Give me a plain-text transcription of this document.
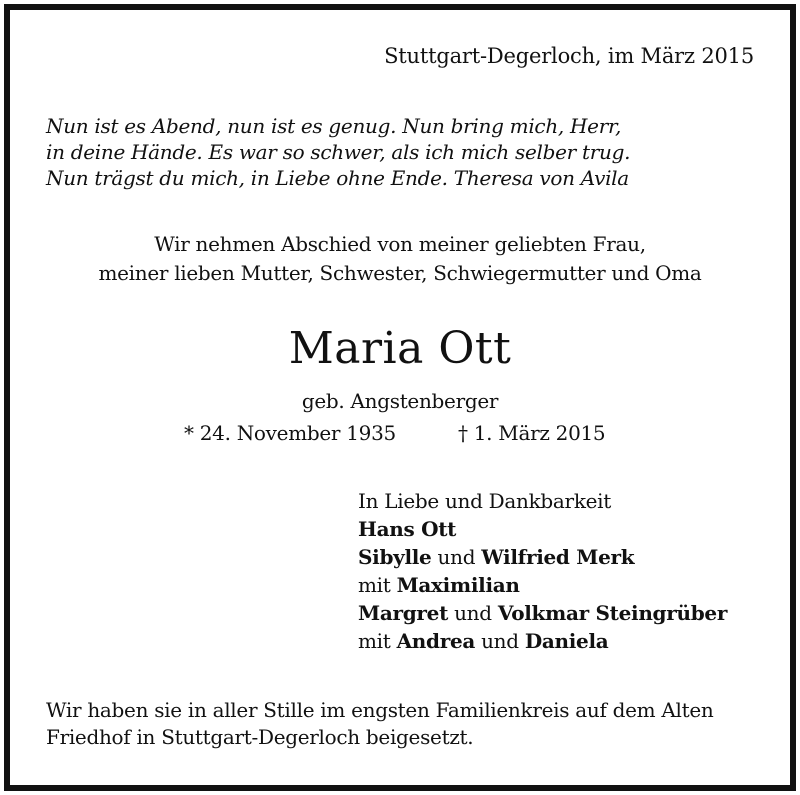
Stuttgart-Degerloch, im März 2015
Nun ist es Abend, nun ist es genug. Nun bring mich, Herr,
in deine Hände. Es war so schwer, als ich mich selber trug.
Nun trägst du mich, in Liebe ohne Ende. Theresa von Avila
Wir nehmen Abschied von meiner geliebten Frau,
meiner lieben Mutter, Schwester, Schwiegermutter und Oma
Maria Ott
geb. Angstenberger
* 24. November 1935	† 1. März 2015
In Liebe und Dankbarkeit
Hans Ott
Sibylle und Wilfried Merk
mit Maximilian
Margret und Volkmar Steingrüber
mit Andrea und Daniela
Wir haben sie in aller Stille im engsten Familienkreis auf dem Alten
Friedhof in Stuttgart-Degerloch beigesetzt.
